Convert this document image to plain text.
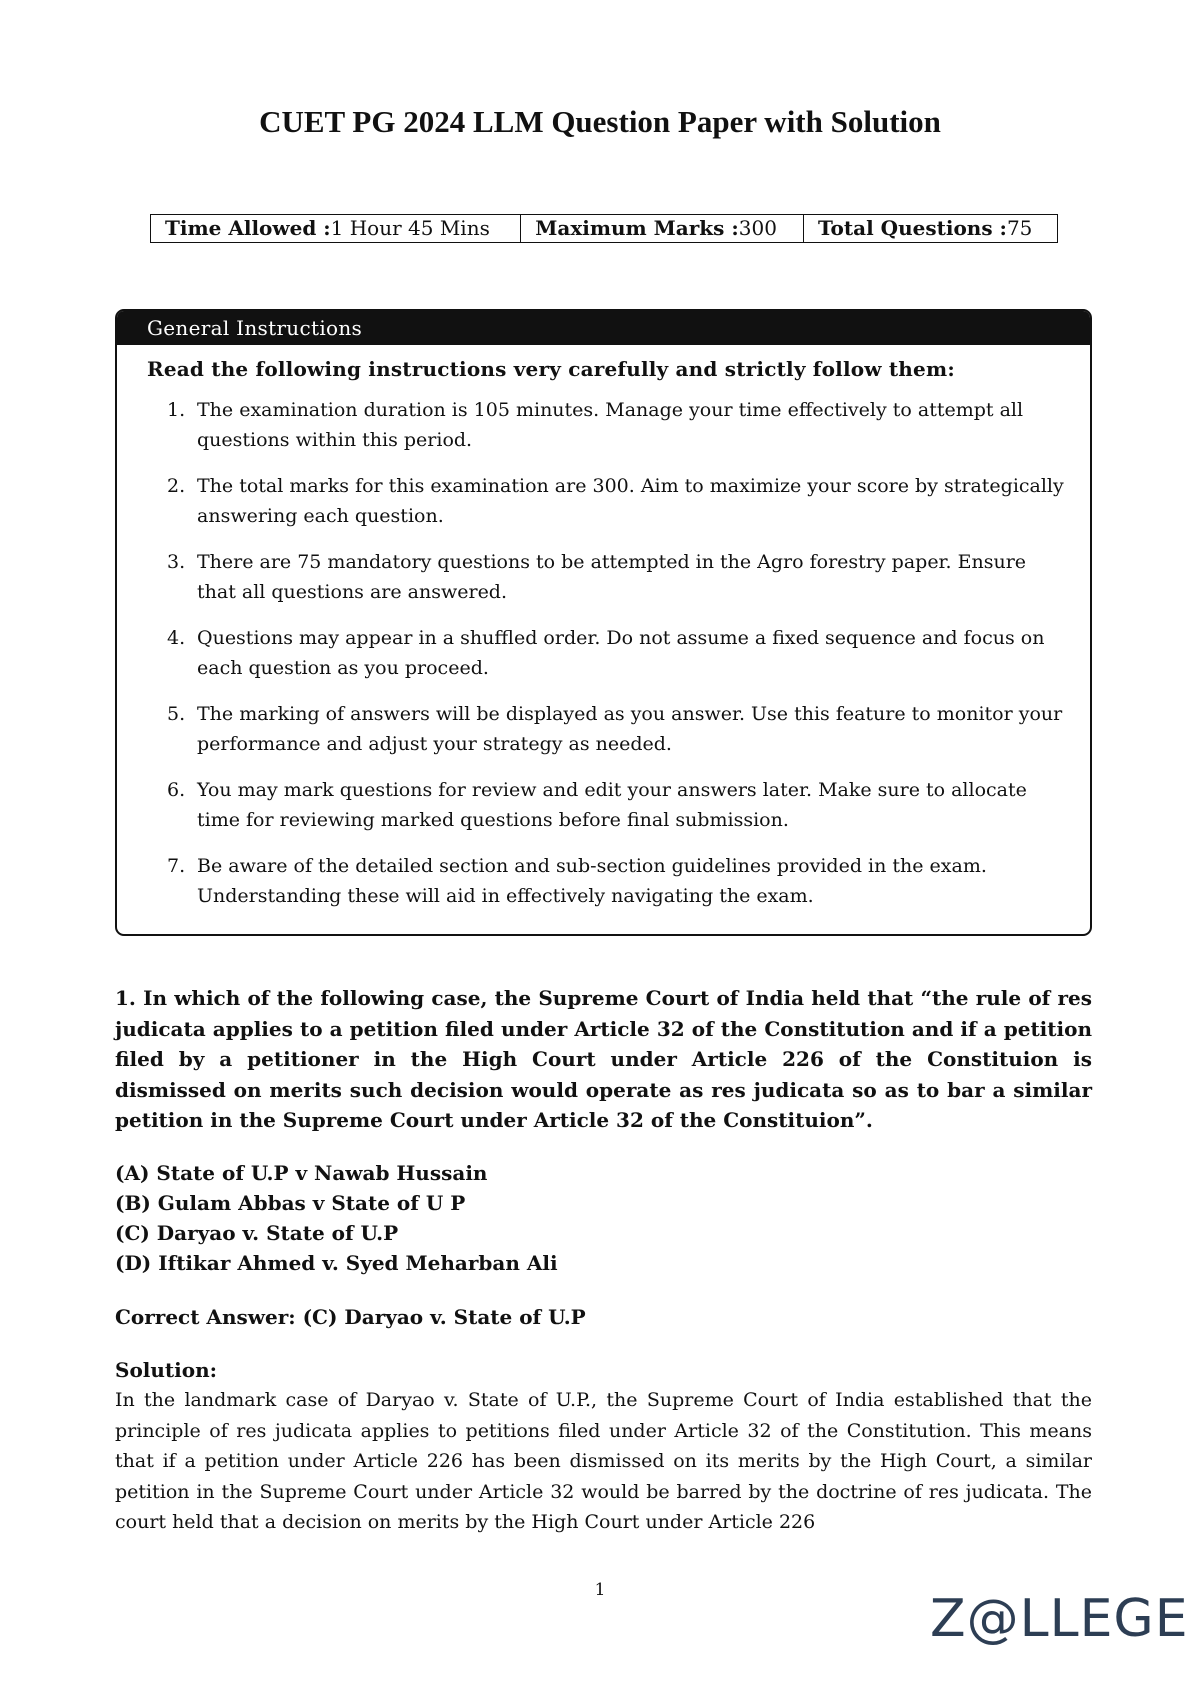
CUET PG 2024 LLM Question Paper with Solution
Time Allowed :1 Hour 45 Mins	Maximum Marks :300	Total Questions :75
General Instructions

Read the following instructions very carefully and strictly follow them:

1. The examination duration is 105 minutes. Manage your time effectively to attempt all questions within this period.
2. The total marks for this examination are 300. Aim to maximize your score by strategically answering each question.
3. There are 75 mandatory questions to be attempted in the Agro forestry paper. Ensure that all questions are answered.
4. Questions may appear in a shuffled order. Do not assume a fixed sequence and focus on each question as you proceed.
5. The marking of answers will be displayed as you answer. Use this feature to monitor your performance and adjust your strategy as needed.
6. You may mark questions for review and edit your answers later. Make sure to allocate time for reviewing marked questions before final submission.
7. Be aware of the detailed section and sub-section guidelines provided in the exam. Understanding these will aid in effectively navigating the exam.

1. In which of the following case, the Supreme Court of India held that “the rule of res judicata applies to a petition filed under Article 32 of the Constitution and if a petition filed by a petitioner in the High Court under Article 226 of the Constituion is dismissed on merits such decision would operate as res judicata so as to bar a similar petition in the Supreme Court under Article 32 of the Constituion”.

(A) State of U.P v Nawab Hussain
(B) Gulam Abbas v State of U P
(C) Daryao v. State of U.P
(D) Iftikar Ahmed v. Syed Meharban Ali

Correct Answer: (C) Daryao v. State of U.P

Solution:

In the landmark case of Daryao v. State of U.P., the Supreme Court of India established that the principle of res judicata applies to petitions filed under Article 32 of the Constitution. This means that if a petition under Article 226 has been dismissed on its merits by the High Court, a similar petition in the Supreme Court under Article 32 would be barred by the doctrine of res judicata. The court held that a decision on merits by the High Court under Article 226

1	Z@LLEGE
